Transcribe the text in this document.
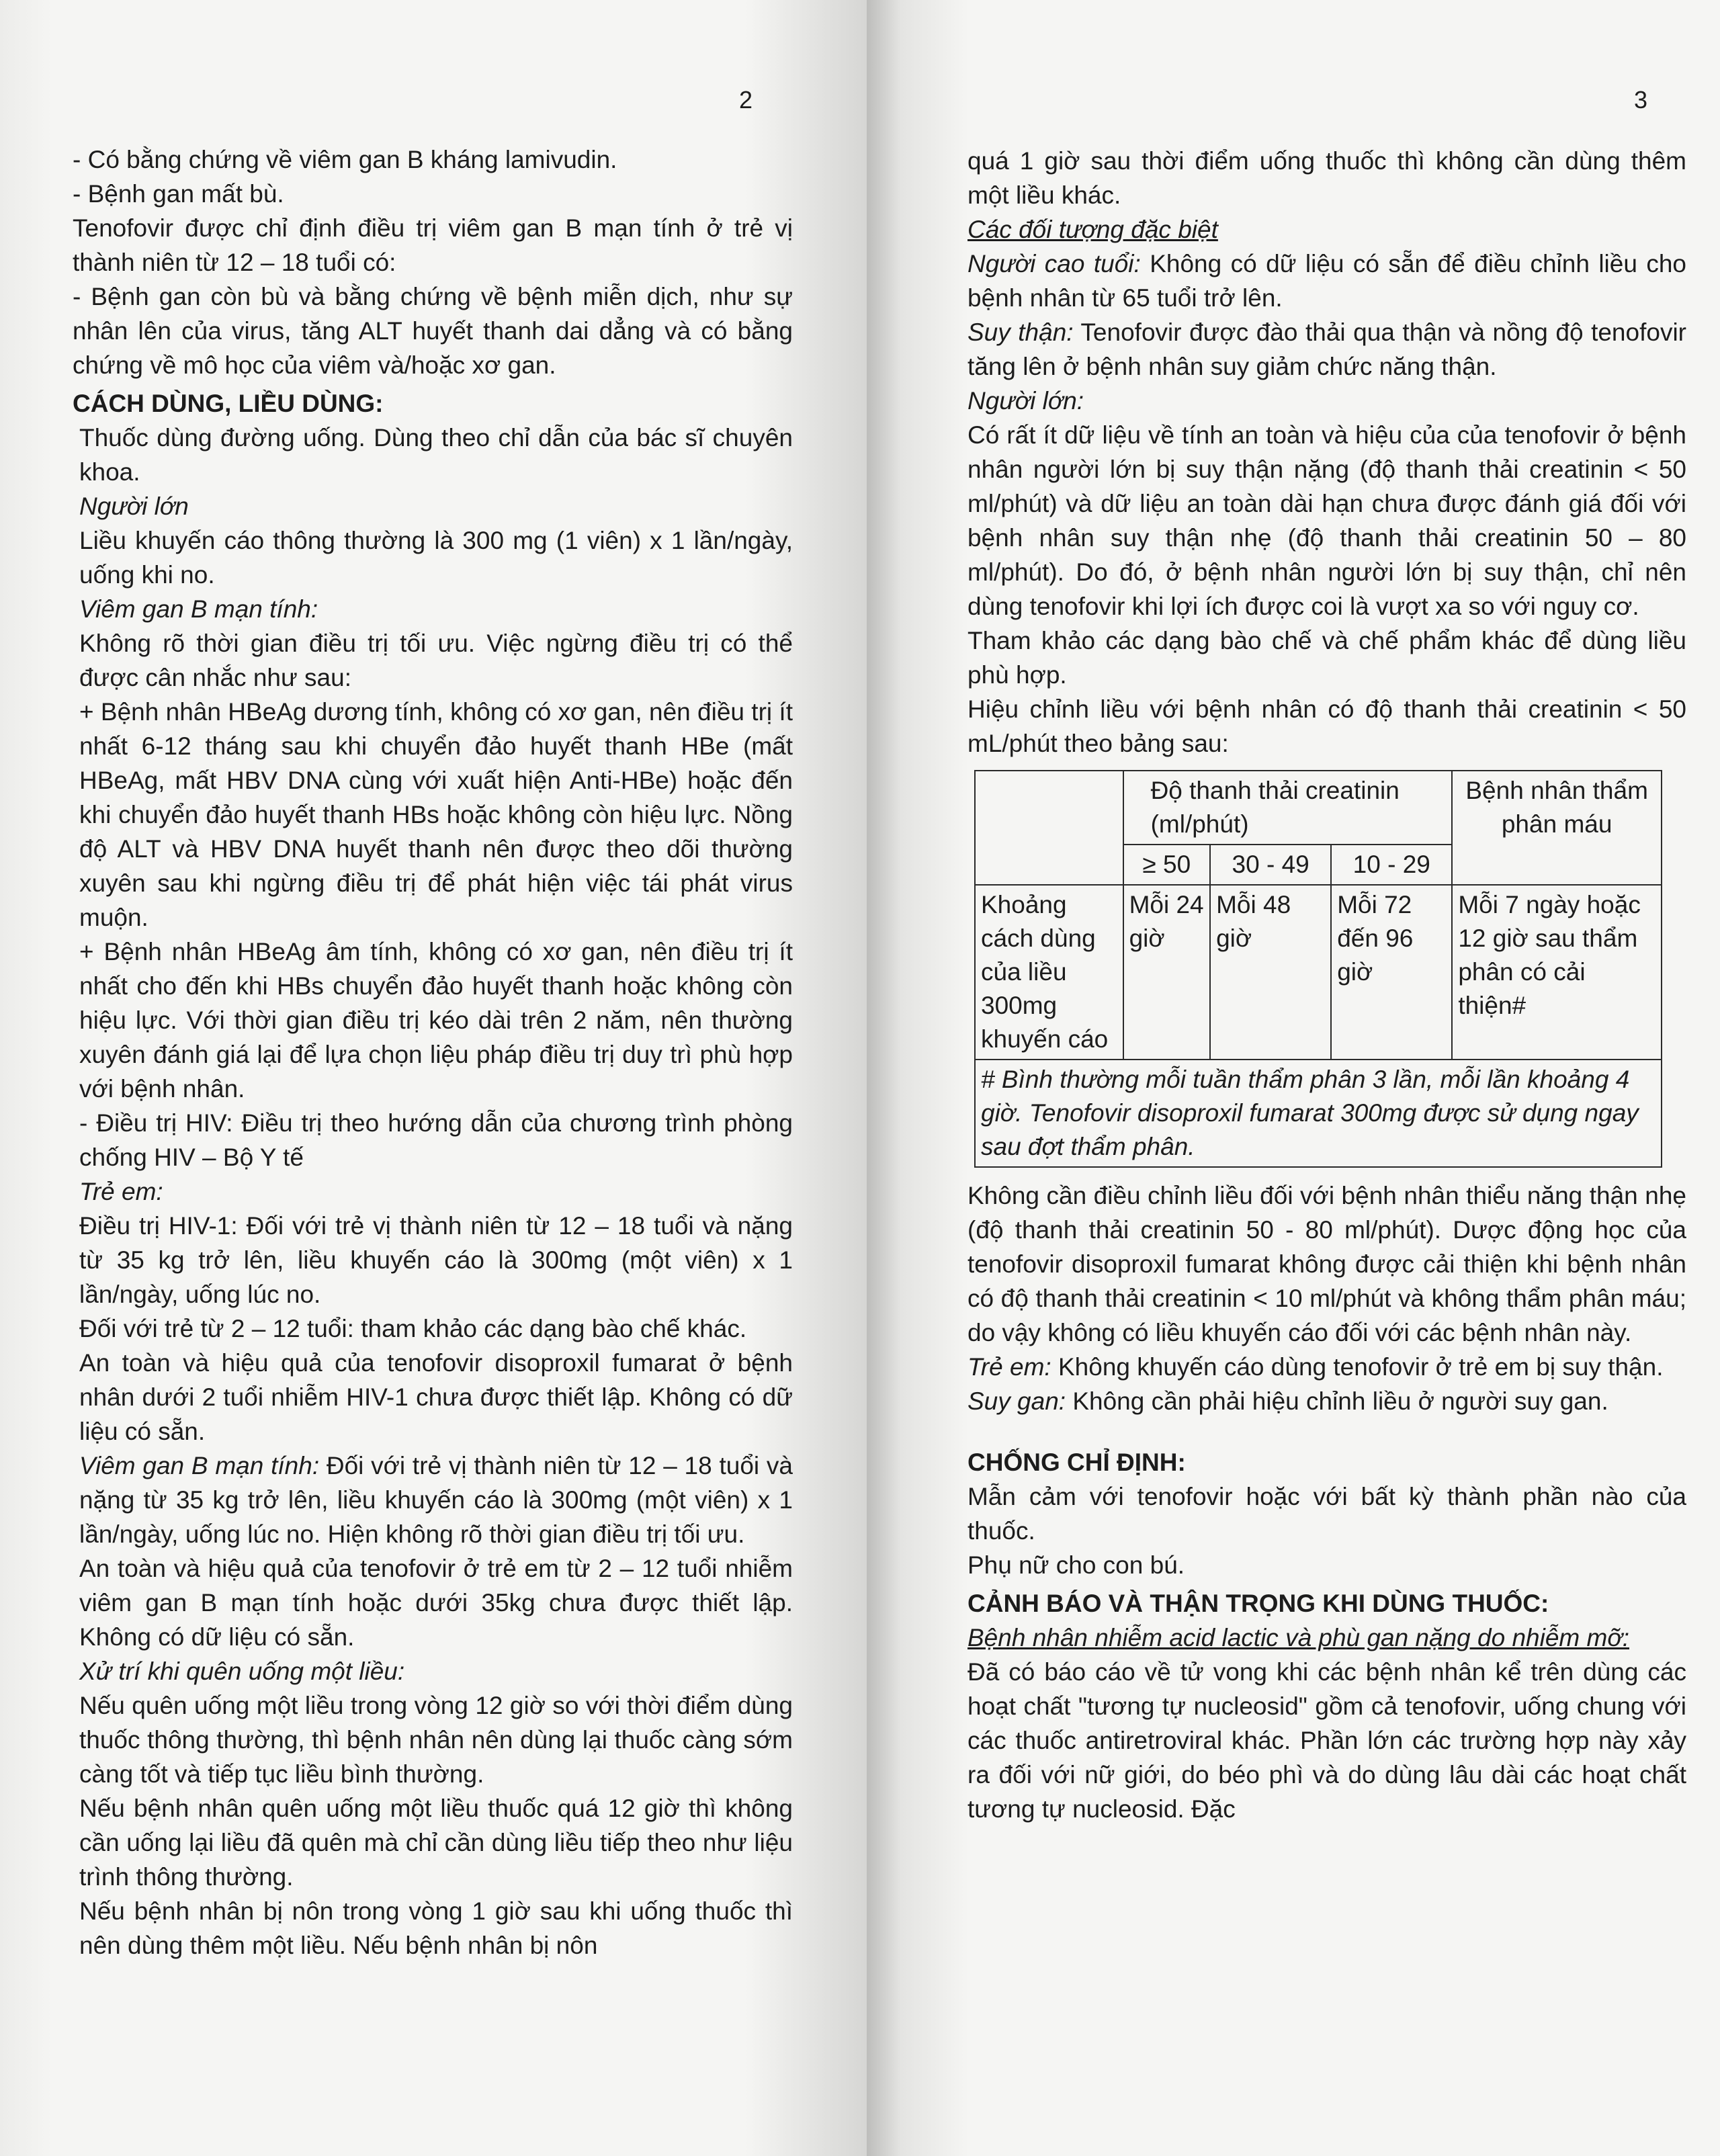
2

- Có bằng chứng về viêm gan B kháng lamivudin.

- Bệnh gan mất bù.

Tenofovir được chỉ định điều trị viêm gan B mạn tính ở trẻ vị thành niên từ 12 – 18 tuổi có:

- Bệnh gan còn bù và bằng chứng về bệnh miễn dịch, như sự nhân lên của virus, tăng ALT huyết thanh dai dẳng và có bằng chứng về mô học của viêm và/hoặc xơ gan.

CÁCH DÙNG, LIỀU DÙNG:

Thuốc dùng đường uống. Dùng theo chỉ dẫn của bác sĩ chuyên khoa.

Người lớn

Liều khuyến cáo thông thường là 300 mg (1 viên) x 1 lần/ngày, uống khi no.

Viêm gan B mạn tính:

Không rõ thời gian điều trị tối ưu. Việc ngừng điều trị có thể được cân nhắc như sau:

+ Bệnh nhân HBeAg dương tính, không có xơ gan, nên điều trị ít nhất 6-12 tháng sau khi chuyển đảo huyết thanh HBe (mất HBeAg, mất HBV DNA cùng với xuất hiện Anti-HBe) hoặc đến khi chuyển đảo huyết thanh HBs hoặc không còn hiệu lực. Nồng độ ALT và HBV DNA huyết thanh nên được theo dõi thường xuyên sau khi ngừng điều trị để phát hiện việc tái phát virus muộn.

+ Bệnh nhân HBeAg âm tính, không có xơ gan, nên điều trị ít nhất cho đến khi HBs chuyển đảo huyết thanh hoặc không còn hiệu lực. Với thời gian điều trị kéo dài trên 2 năm, nên thường xuyên đánh giá lại để lựa chọn liệu pháp điều trị duy trì phù hợp với bệnh nhân.

- Điều trị HIV: Điều trị theo hướng dẫn của chương trình phòng chống HIV – Bộ Y tế

Trẻ em:

Điều trị HIV-1: Đối với trẻ vị thành niên từ 12 – 18 tuổi và nặng từ 35 kg trở lên, liều khuyến cáo là 300mg (một viên) x 1 lần/ngày, uống lúc no.

Đối với trẻ từ 2 – 12 tuổi: tham khảo các dạng bào chế khác.

An toàn và hiệu quả của tenofovir disoproxil fumarat ở bệnh nhân dưới 2 tuổi nhiễm HIV-1 chưa được thiết lập. Không có dữ liệu có sẵn.

Viêm gan B mạn tính: Đối với trẻ vị thành niên từ 12 – 18 tuổi và nặng từ 35 kg trở lên, liều khuyến cáo là 300mg (một viên) x 1 lần/ngày, uống lúc no. Hiện không rõ thời gian điều trị tối ưu.

An toàn và hiệu quả của tenofovir ở trẻ em từ 2 – 12 tuổi nhiễm viêm gan B mạn tính hoặc dưới 35kg chưa được thiết lập. Không có dữ liệu có sẵn.

Xử trí khi quên uống một liều:

Nếu quên uống một liều trong vòng 12 giờ so với thời điểm dùng thuốc thông thường, thì bệnh nhân nên dùng lại thuốc càng sớm càng tốt và tiếp tục liều bình thường.

Nếu bệnh nhân quên uống một liều thuốc quá 12 giờ thì không cần uống lại liều đã quên mà chỉ cần dùng liều tiếp theo như liệu trình thông thường.

Nếu bệnh nhân bị nôn trong vòng 1 giờ sau khi uống thuốc thì nên dùng thêm một liều. Nếu bệnh nhân bị nôn

3

quá 1 giờ sau thời điểm uống thuốc thì không cần dùng thêm một liều khác.

Các đối tượng đặc biệt

Người cao tuổi: Không có dữ liệu có sẵn để điều chỉnh liều cho bệnh nhân từ 65 tuổi trở lên.

Suy thận: Tenofovir được đào thải qua thận và nồng độ tenofovir tăng lên ở bệnh nhân suy giảm chức năng thận.

Người lớn:

Có rất ít dữ liệu về tính an toàn và hiệu của của tenofovir ở bệnh nhân người lớn bị suy thận nặng (độ thanh thải creatinin < 50 ml/phút) và dữ liệu an toàn dài hạn chưa được đánh giá đối với bệnh nhân suy thận nhẹ (độ thanh thải creatinin 50 – 80 ml/phút). Do đó, ở bệnh nhân người lớn bị suy thận, chỉ nên dùng tenofovir khi lợi ích được coi là vượt xa so với nguy cơ.

Tham khảo các dạng bào chế và chế phẩm khác để dùng liều phù hợp.

Hiệu chỉnh liều với bệnh nhân có độ thanh thải creatinin < 50 mL/phút theo bảng sau:

	Độ thanh thải creatinin (ml/phút)			Bệnh nhân thẩm phân máu
	≥ 50	30 - 49	10 - 29	
Khoảng cách dùng của liều 300mg khuyến cáo	Mỗi 24 giờ	Mỗi 48 giờ	Mỗi 72 đến 96 giờ	Mỗi 7 ngày hoặc 12 giờ sau thẩm phân có cải thiện#
# Bình thường mỗi tuần thẩm phân 3 lần, mỗi lần khoảng 4 giờ. Tenofovir disoproxil fumarat 300mg được sử dụng ngay sau đợt thẩm phân.				

Không cần điều chỉnh liều đối với bệnh nhân thiểu năng thận nhẹ (độ thanh thải creatinin 50 - 80 ml/phút). Dược động học của tenofovir disoproxil fumarat không được cải thiện khi bệnh nhân có độ thanh thải creatinin < 10 ml/phút và không thẩm phân máu; do vậy không có liều khuyến cáo đối với các bệnh nhân này.

Trẻ em: Không khuyến cáo dùng tenofovir ở trẻ em bị suy thận.

Suy gan: Không cần phải hiệu chỉnh liều ở người suy gan.

CHỐNG CHỈ ĐỊNH:

Mẫn cảm với tenofovir hoặc với bất kỳ thành phần nào của thuốc.

Phụ nữ cho con bú.

CẢNH BÁO VÀ THẬN TRỌNG KHI DÙNG THUỐC:

Bệnh nhân nhiễm acid lactic và phù gan nặng do nhiễm mỡ:

Đã có báo cáo về tử vong khi các bệnh nhân kể trên dùng các hoạt chất "tương tự nucleosid" gồm cả tenofovir, uống chung với các thuốc antiretroviral khác. Phần lớn các trường hợp này xảy ra đối với nữ giới, do béo phì và do dùng lâu dài các hoạt chất tương tự nucleosid. Đặc
